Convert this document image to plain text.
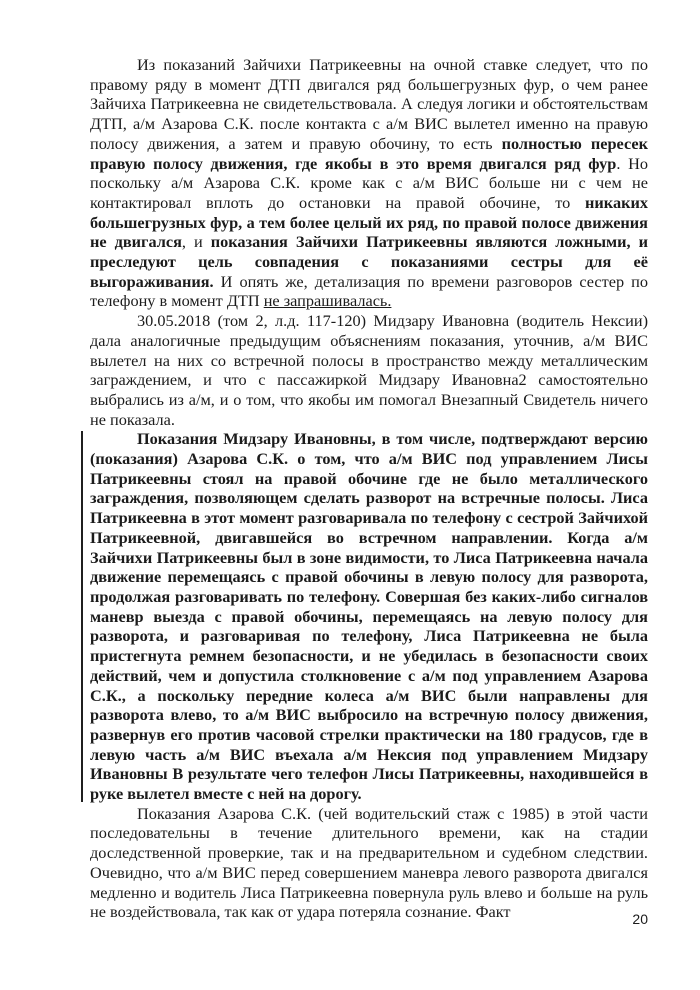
Из показаний Зайчихи Патрикеевны на очной ставке следует, что по правому ряду в момент ДТП двигался ряд большегрузных фур, о чем ранее Зайчиха Патрикеевна не свидетельствовала. А следуя логики и обстоятельствам ДТП, а/м Азарова С.К. после контакта с а/м ВИС вылетел именно на правую полосу движения, а затем и правую обочину, то есть полностью пересек правую полосу движения, где якобы в это время двигался ряд фур. Но поскольку а/м Азарова С.К. кроме как с а/м ВИС больше ни с чем не контактировал вплоть до остановки на правой обочине, то никаких большегрузных фур, а тем более целый их ряд, по правой полосе движения не двигался, и показания Зайчихи Патрикеевны являются ложными, и преследуют цель совпадения с показаниями сестры для её выгораживания. И опять же, детализация по времени разговоров сестер по телефону в момент ДТП не запрашивалась.

30.05.2018 (том 2, л.д. 117-120) Мидзару Ивановна (водитель Нексии) дала аналогичные предыдущим объяснениям показания, уточнив, а/м ВИС вылетел на них со встречной полосы в пространство между металлическим заграждением, и что с пассажиркой Мидзару Ивановна2 самостоятельно выбрались из а/м, и о том, что якобы им помогал Внезапный Свидетель ничего не показала.

Показания Мидзару Ивановны, в том числе, подтверждают версию (показания) Азарова С.К. о том, что а/м ВИС под управлением Лисы Патрикеевны стоял на правой обочине где не было металлического заграждения, позволяющем сделать разворот на встречные полосы. Лиса Патрикеевна в этот момент разговаривала по телефону с сестрой Зайчихой Патрикеевной, двигавшейся во встречном направлении. Когда а/м Зайчихи Патрикеевны был в зоне видимости, то Лиса Патрикеевна начала движение перемещаясь с правой обочины в левую полосу для разворота, продолжая разговаривать по телефону. Совершая без каких-либо сигналов маневр выезда с правой обочины, перемещаясь на левую полосу для разворота, и разговаривая по телефону, Лиса Патрикеевна не была пристегнута ремнем безопасности, и не убедилась в безопасности своих действий, чем и допустила столкновение с а/м под управлением Азарова С.К., а поскольку передние колеса а/м ВИС были направлены для разворота влево, то а/м ВИС выбросило на встречную полосу движения, развернув его против часовой стрелки практически на 180 градусов, где в левую часть а/м ВИС въехала а/м Нексия под управлением Мидзару Ивановны В результате чего телефон Лисы Патрикеевны, находившейся в руке вылетел вместе с ней на дорогу.

Показания Азарова С.К. (чей водительский стаж с 1985) в этой части последовательны в течение длительного времени, как на стадии доследственной проверкие, так и на предварительном и судебном следствии. Очевидно, что а/м ВИС перед совершением маневра левого разворота двигался медленно и водитель Лиса Патрикеевна повернула руль влево и больше на руль не воздействовала, так как от удара потеряла сознание. Факт	20
